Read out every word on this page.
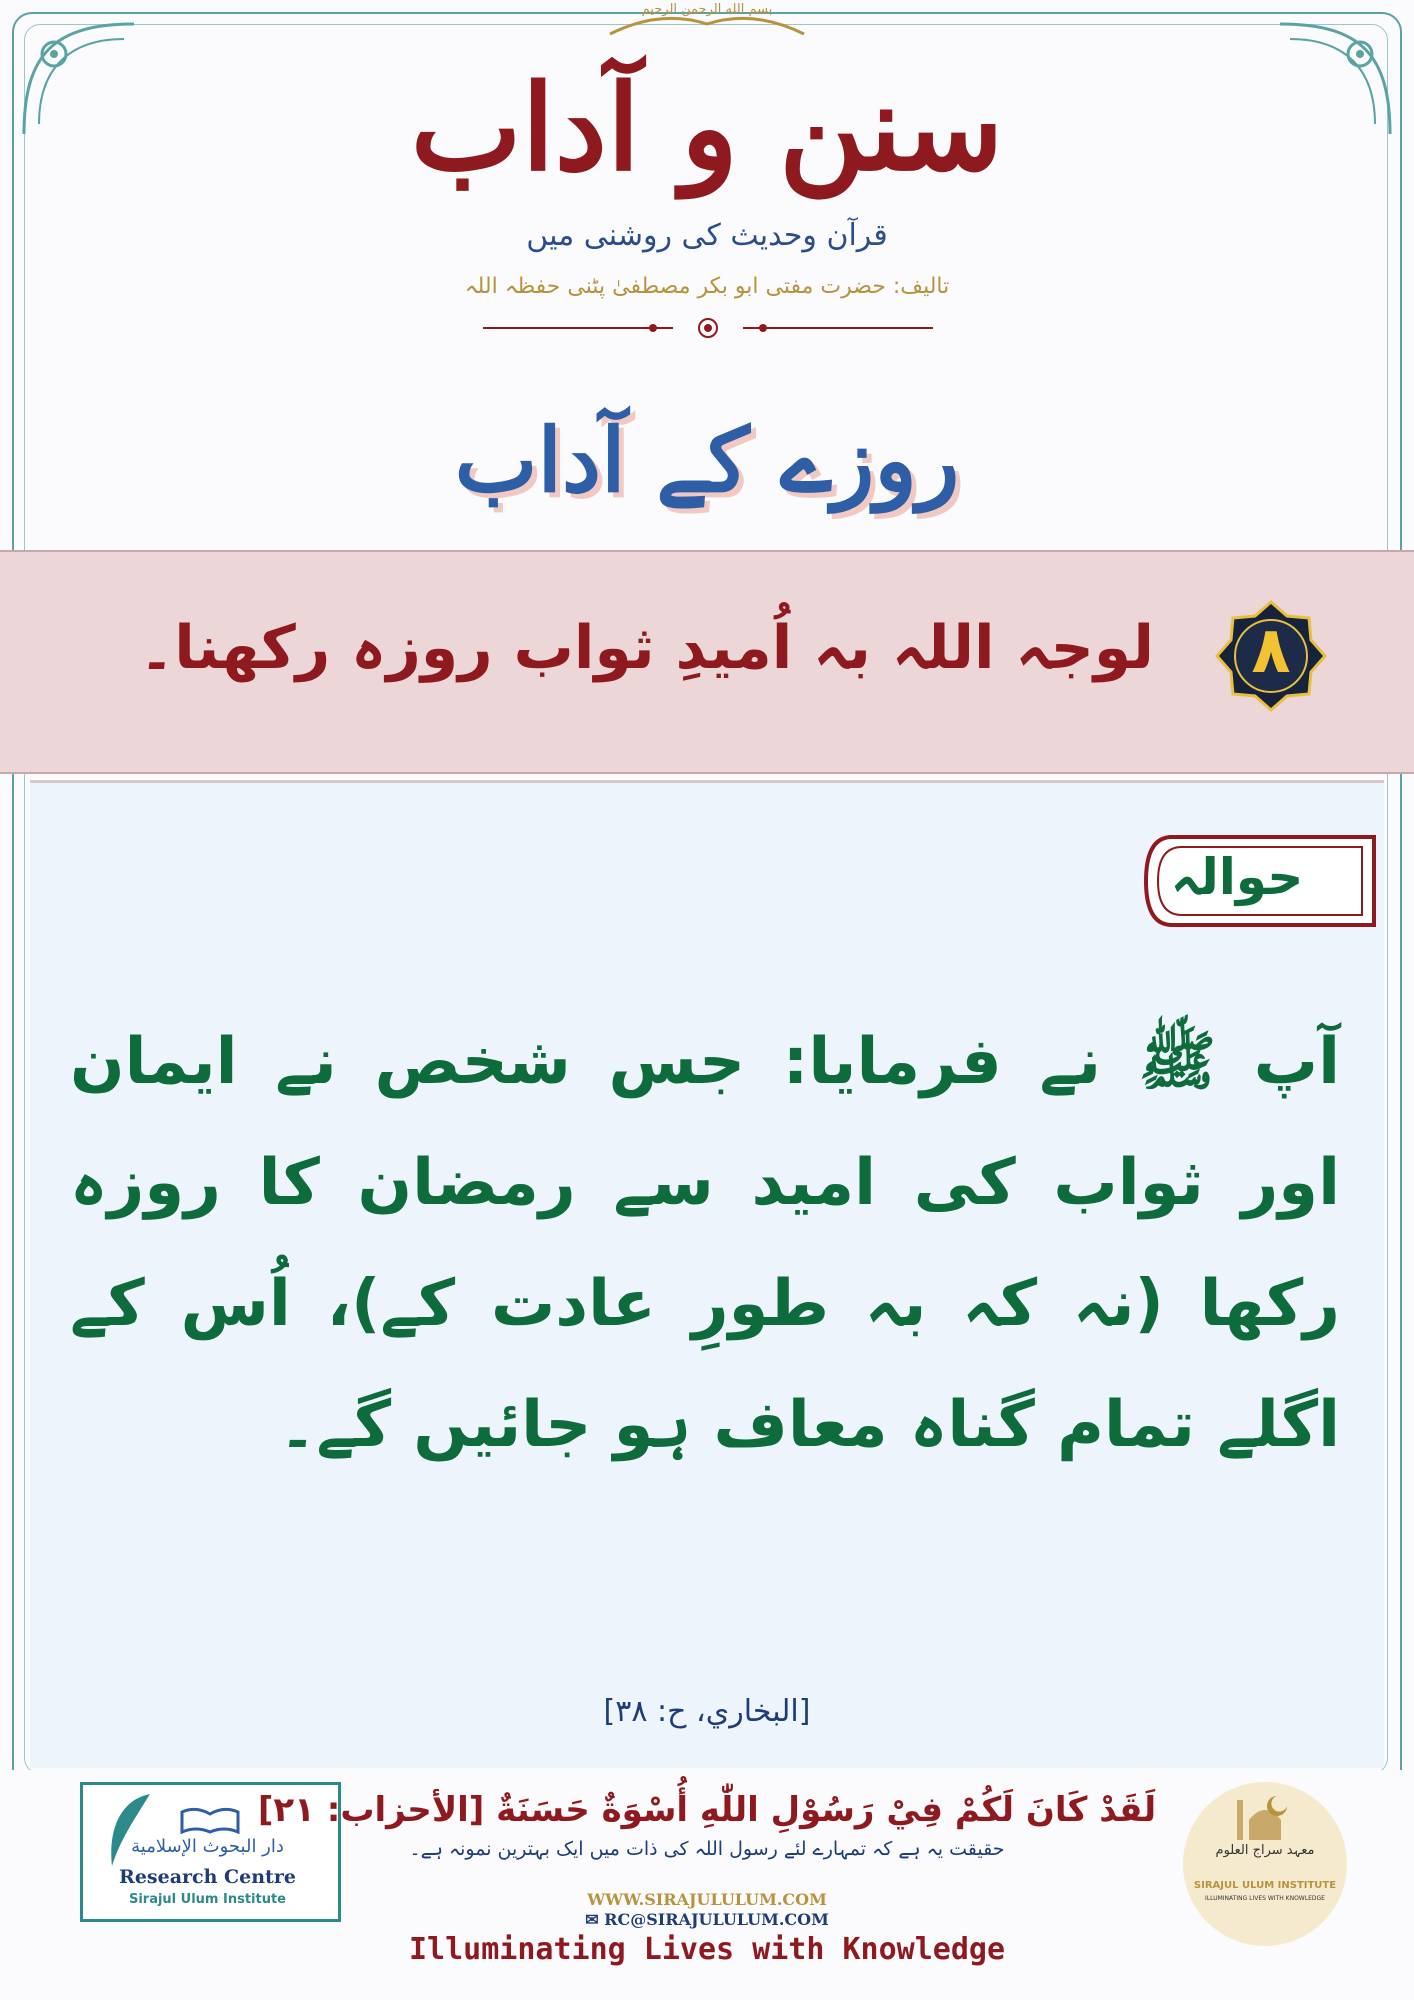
بسم الله الرحمن الرحيم
سنن و آداب
قرآن وحدیث کی روشنی میں
تالیف: حضرت مفتی ابو بکر مصطفیٰ پٹنی حفظہ اللہ
روزے کے آداب
لوجہ اللہ بہ اُمیدِ ثواب روزہ رکھنا۔	٨
حوالہ
آپ ﷺ نے فرمایا: جس شخص نے ایمان اور ثواب کی امید سے رمضان کا روزہ رکھا (نہ کہ بہ طورِ عادت کے)، اُس کے اگلے تمام گناہ معاف ہو جائیں گے۔
[البخاري، ح: ٣٨]
دار البحوث الإسلامية
Research Centre
Sirajul Ulum Institute
لَقَدْ كَانَ لَكُمْ فِيْ رَسُوْلِ اللّٰهِ أُسْوَةٌ حَسَنَةٌ [الأحزاب: ٢١]
حقیقت یہ ہے کہ تمہارے لئے رسول اللہ کی ذات میں ایک بہترین نمونہ ہے۔
WWW.SIRAJULULUM.COM
✉ RC@SIRAJULULUM.COM
Illuminating Lives with Knowledge
معہد سراج العلوم
SIRAJUL ULUM INSTITUTE
ILLUMINATING LIVES WITH KNOWLEDGE
